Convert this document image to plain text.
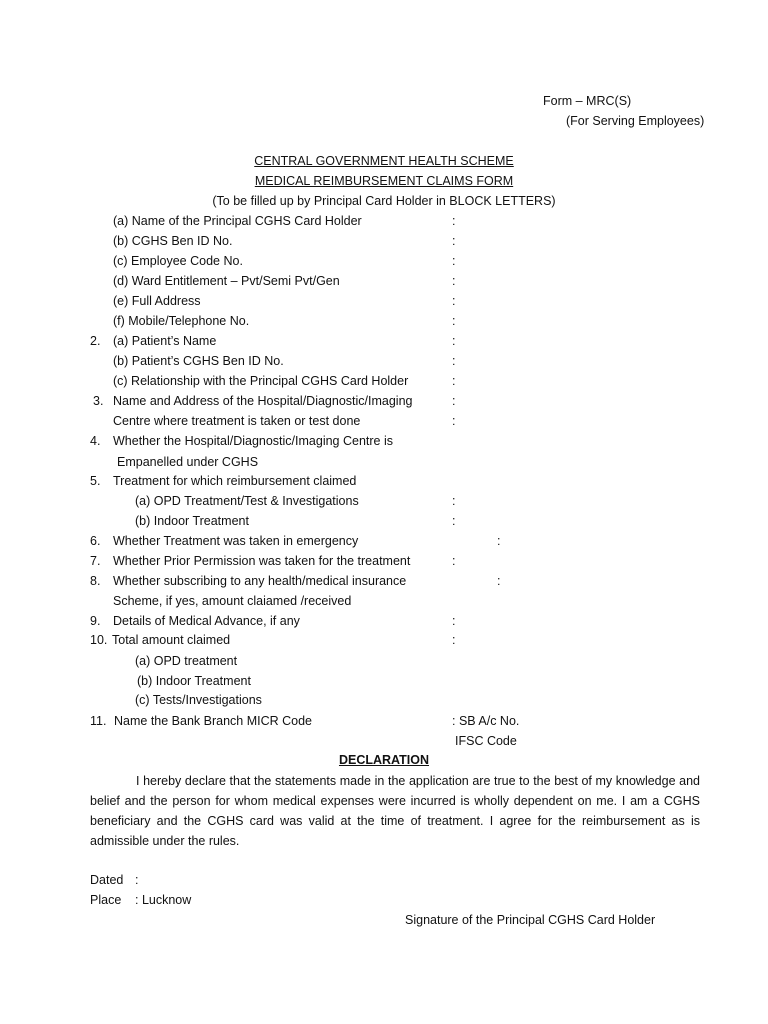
Form – MRC(S)
(For Serving Employees)
CENTRAL GOVERNMENT HEALTH SCHEME
MEDICAL REIMBURSEMENT CLAIMS FORM
(To be filled up by Principal Card Holder in BLOCK LETTERS)
(a) Name of the Principal CGHS Card Holder	:
(b) CGHS Ben ID No.	:
(c) Employee Code No.	:
(d) Ward Entitlement – Pvt/Semi Pvt/Gen	:
(e) Full Address	:
(f) Mobile/Telephone No.	:
2. (a) Patient’s Name	:
(b) Patient’s CGHS Ben ID No.	:
(c) Relationship with the Principal CGHS Card Holder	:
3. Name and Address of the Hospital/Diagnostic/Imaging	:
Centre where treatment is taken or test done	:
4. Whether the Hospital/Diagnostic/Imaging Centre is
Empanelled under CGHS
5. Treatment for which reimbursement claimed
(a) OPD Treatment/Test & Investigations	:
(b) Indoor Treatment	:
6. Whether Treatment was taken in emergency	:
7. Whether Prior Permission was taken for the treatment	:
8. Whether subscribing to any health/medical insurance	:
Scheme, if yes, amount claiamed /received
9. Details of Medical Advance, if any	:
10. Total amount claimed	:
(a) OPD treatment
(b) Indoor Treatment
(c) Tests/Investigations
11. Name the Bank Branch MICR Code	: SB A/c No.
IFSC Code
DECLARATION

I hereby declare that the statements made in the application are true to the best of my knowledge and belief and the person for whom medical expenses were incurred is wholly dependent on me. I am a CGHS beneficiary and the CGHS card was valid at the time of treatment. I agree for the reimbursement as is admissible under the rules.

Dated :
Place : Lucknow
Signature of the Principal CGHS Card Holder
